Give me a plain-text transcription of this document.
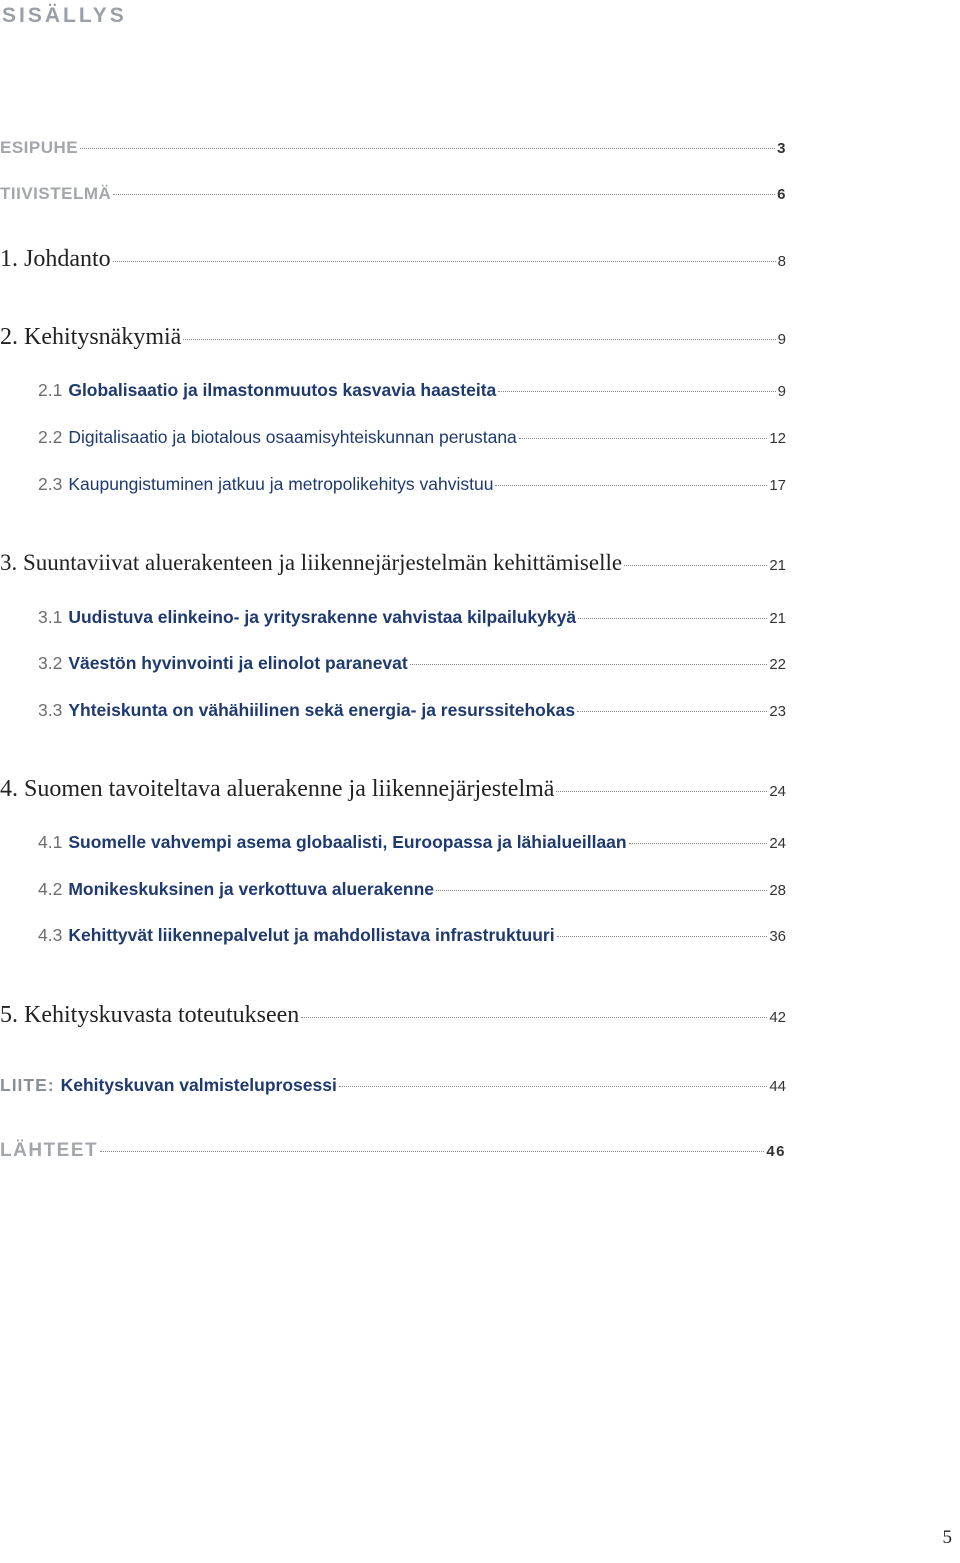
SISÄLLYS
ESIPUHE	3
TIIVISTELMÄ	6
1. Johdanto	8
2. Kehitysnäkymiä	9
2.1 Globalisaatio ja ilmastonmuutos kasvavia haasteita	9
2.2 Digitalisaatio ja biotalous osaamisyhteiskunnan perustana	12
2.3 Kaupungistuminen jatkuu ja metropolikehitys vahvistuu	17
3. Suuntaviivat aluerakenteen ja liikennejärjestelmän kehittämiselle	21
3.1 Uudistuva elinkeino- ja yritysrakenne vahvistaa kilpailukykyä	21
3.2 Väestön hyvinvointi ja elinolot paranevat	22
3.3 Yhteiskunta on vähähiilinen sekä energia- ja resurssitehokas	23
4. Suomen tavoiteltava aluerakenne ja liikennejärjestelmä	24
4.1 Suomelle vahvempi asema globaalisti, Euroopassa ja lähialueillaan	24
4.2 Monikeskuksinen ja verkottuva aluerakenne	28
4.3 Kehittyvät liikennepalvelut ja mahdollistava infrastruktuuri	36
5. Kehityskuvasta toteutukseen	42
LIITE: Kehityskuvan valmisteluprosessi	44
LÄHTEET	46
5
